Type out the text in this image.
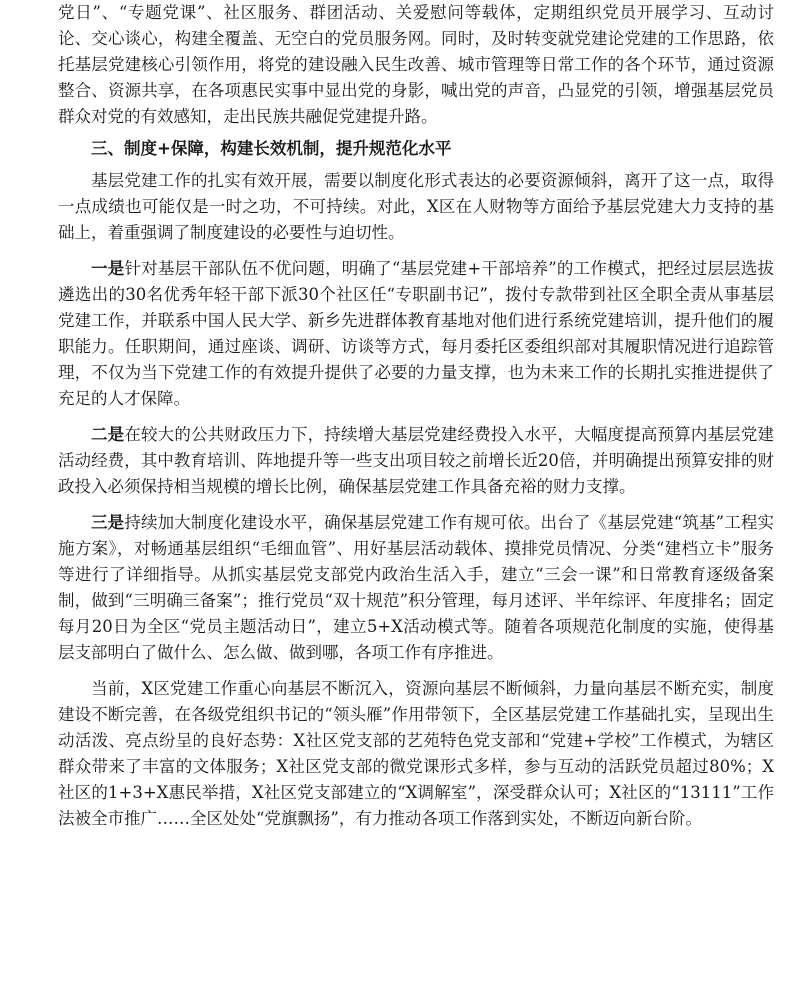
党日”、“专题党课”、社区服务、群团活动、关爱慰问等载体，定期组织党员开展学习、互动讨论、交心谈心，构建全覆盖、无空白的党员服务网。同时，及时转变就党建论党建的工作思路，依托基层党建核心引领作用，将党的建设融入民生改善、城市管理等日常工作的各个环节，通过资源整合、资源共享，在各项惠民实事中显出党的身影，喊出党的声音，凸显党的引领，增强基层党员群众对党的有效感知，走出民族共融促党建提升路。

三、制度+保障，构建长效机制，提升规范化水平

基层党建工作的扎实有效开展，需要以制度化形式表达的必要资源倾斜，离开了这一点，取得一点成绩也可能仅是一时之功，不可持续。对此，X区在人财物等方面给予基层党建大力支持的基础上，着重强调了制度建设的必要性与迫切性。

一是针对基层干部队伍不优问题，明确了“基层党建+干部培养”的工作模式，把经过层层选拔遴选出的30名优秀年轻干部下派30个社区任“专职副书记”，拨付专款带到社区全职全责从事基层党建工作，并联系中国人民大学、新乡先进群体教育基地对他们进行系统党建培训，提升他们的履职能力。任职期间，通过座谈、调研、访谈等方式，每月委托区委组织部对其履职情况进行追踪管理，不仅为当下党建工作的有效提升提供了必要的力量支撑，也为未来工作的长期扎实推进提供了充足的人才保障。

二是在较大的公共财政压力下，持续增大基层党建经费投入水平，大幅度提高预算内基层党建活动经费，其中教育培训、阵地提升等一些支出项目较之前增长近20倍，并明确提出预算安排的财政投入必须保持相当规模的增长比例，确保基层党建工作具备充裕的财力支撑。

三是持续加大制度化建设水平，确保基层党建工作有规可依。出台了《基层党建“筑基”工程实施方案》，对畅通基层组织“毛细血管”、用好基层活动载体、摸排党员情况、分类“建档立卡”服务等进行了详细指导。从抓实基层党支部党内政治生活入手，建立“三会一课”和日常教育逐级备案制，做到“三明确三备案”；推行党员“双十规范”积分管理，每月述评、半年综评、年度排名；固定每月20日为全区“党员主题活动日”，建立5+X活动模式等。随着各项规范化制度的实施，使得基层支部明白了做什么、怎么做、做到哪，各项工作有序推进。

当前，X区党建工作重心向基层不断沉入，资源向基层不断倾斜，力量向基层不断充实，制度建设不断完善，在各级党组织书记的“领头雁”作用带领下，全区基层党建工作基础扎实，呈现出生动活泼、亮点纷呈的良好态势：X社区党支部的艺苑特色党支部和“党建+学校”工作模式，为辖区群众带来了丰富的文体服务；X社区党支部的微党课形式多样，参与互动的活跃党员超过80%；X社区的1+3+X惠民举措，X社区党支部建立的“X调解室”，深受群众认可；X社区的“13111”工作法被全市推广……全区处处“党旗飘扬”，有力推动各项工作落到实处，不断迈向新台阶。
